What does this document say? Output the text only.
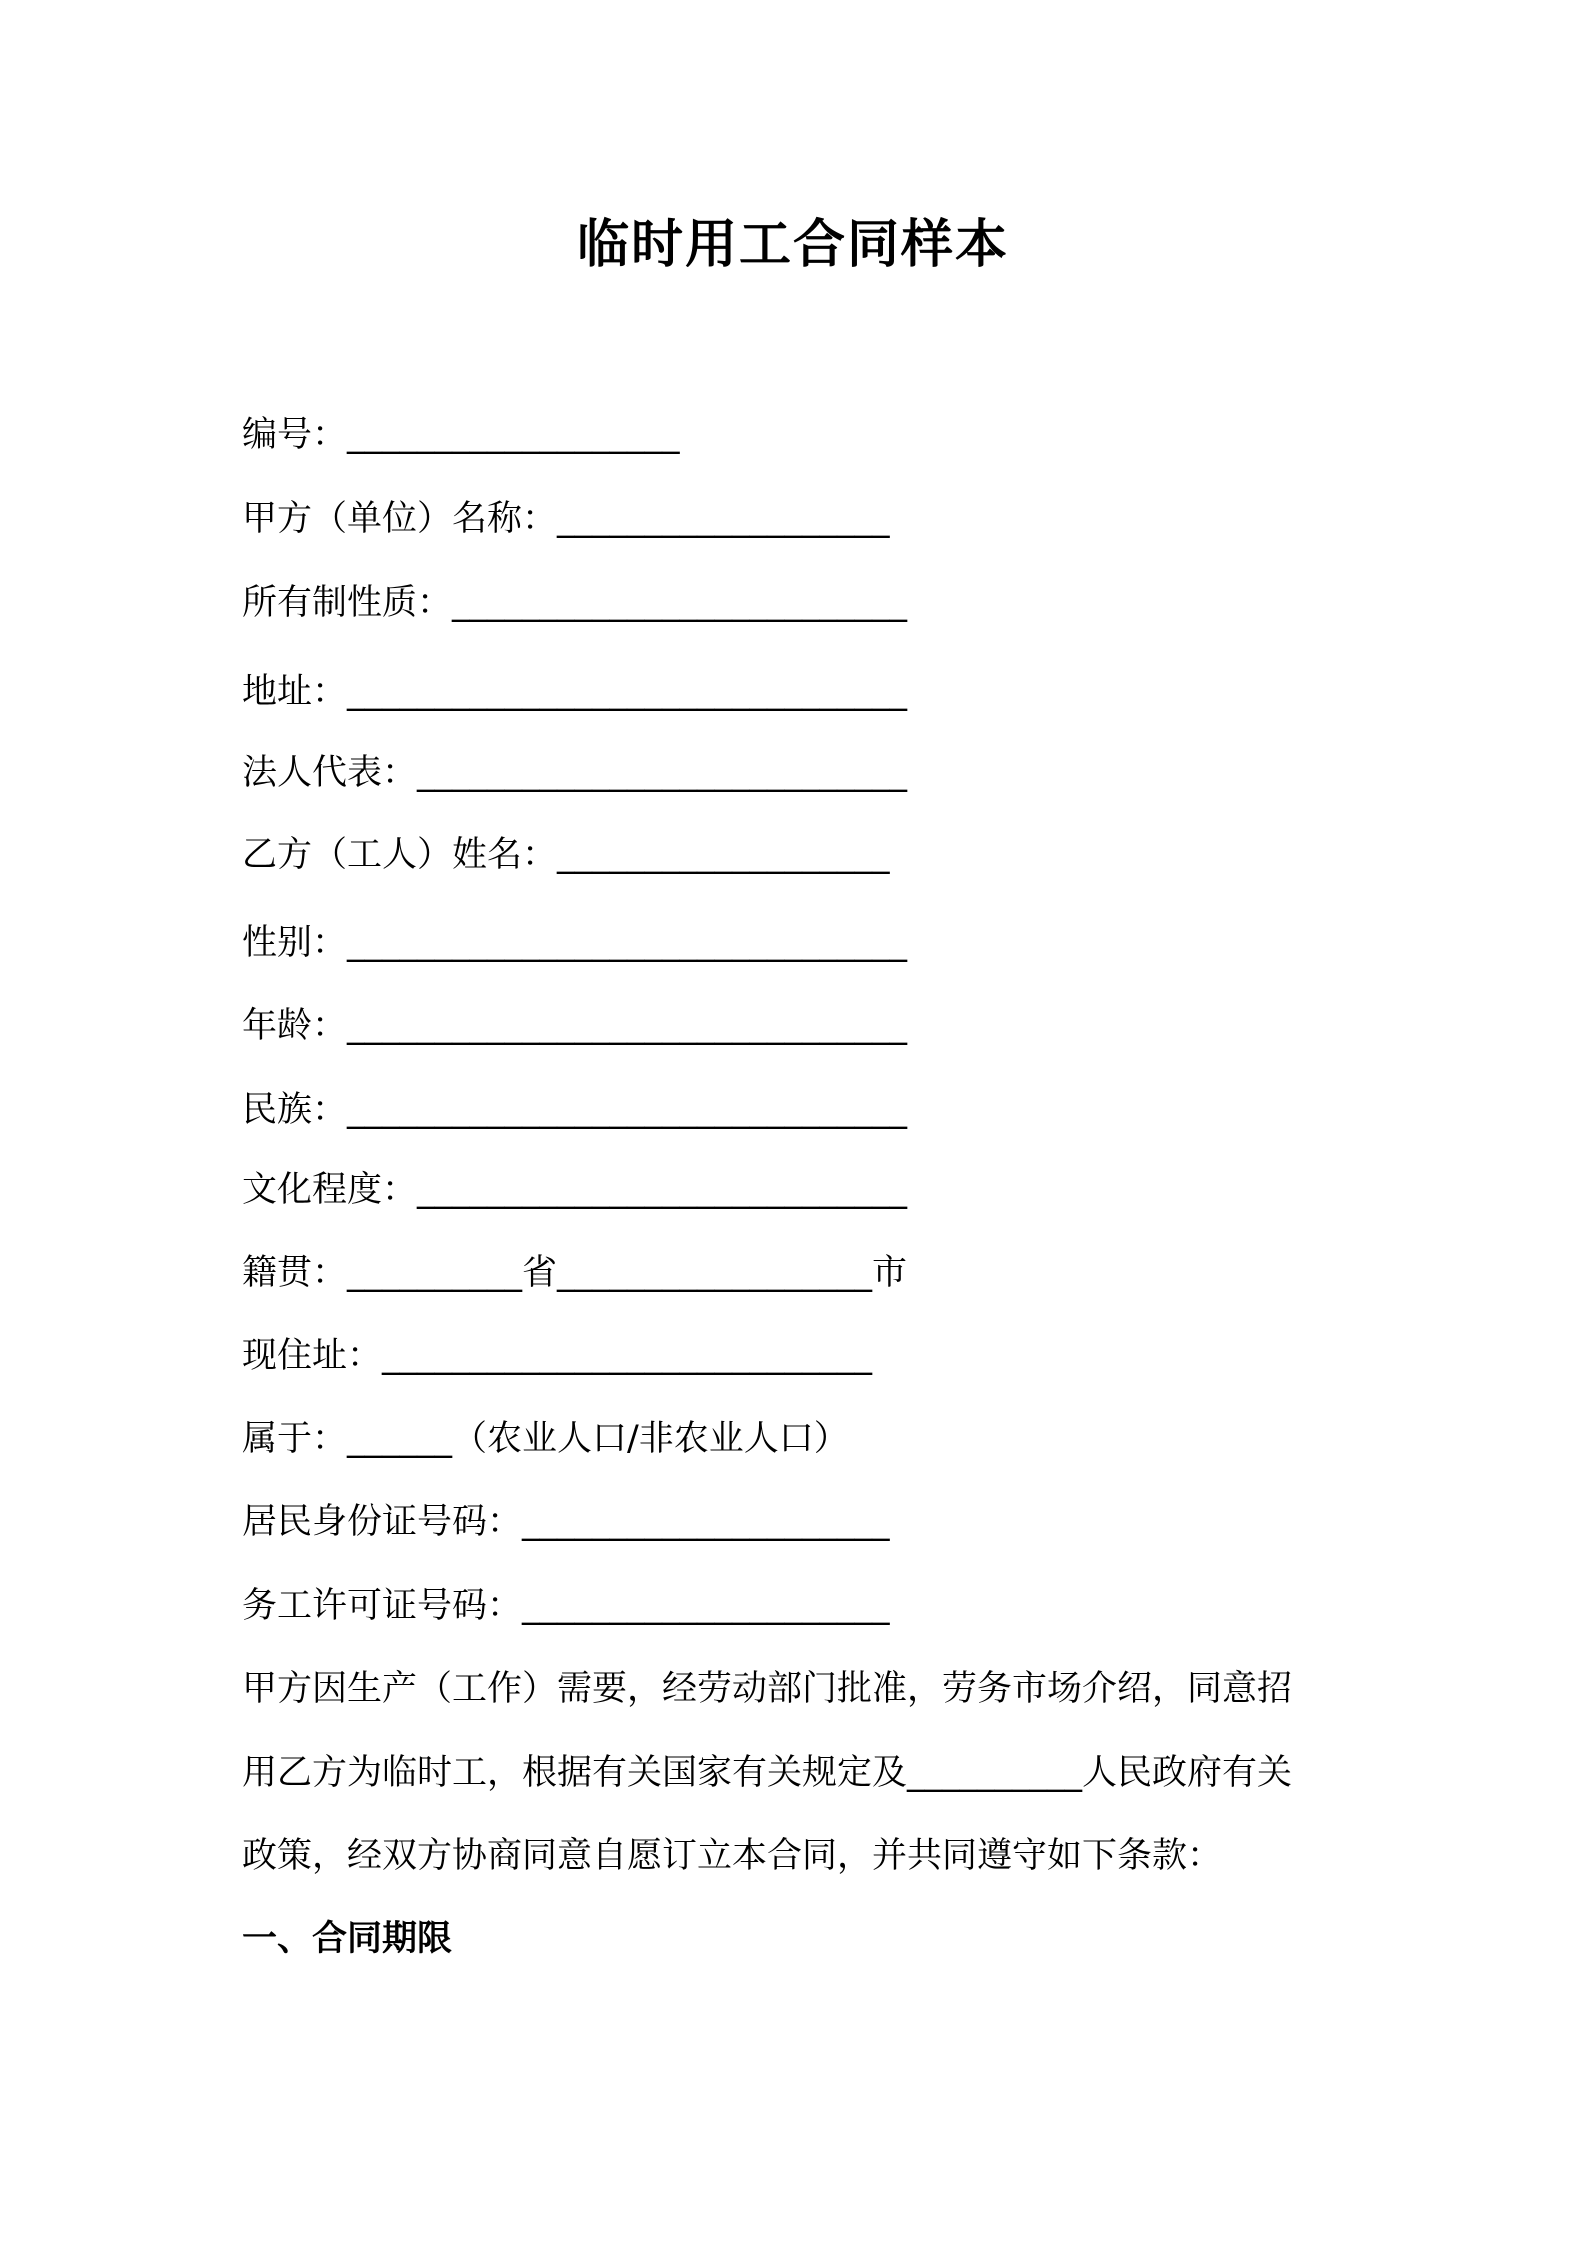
临时用工合同样本
编号：___________________
甲方（单位）名称：___________________
所有制性质：__________________________
地址：________________________________
法人代表：____________________________
乙方（工人）姓名：___________________
性别：________________________________
年龄：________________________________
民族：________________________________
文化程度：____________________________
籍贯：__________省__________________市
现住址：____________________________
属于：______（农业人口/非农业人口）
居民身份证号码：_____________________
务工许可证号码：_____________________
甲方因生产（工作）需要，经劳动部门批准，劳务市场介绍，同意招
用乙方为临时工，根据有关国家有关规定及__________人民政府有关
政策，经双方协商同意自愿订立本合同，并共同遵守如下条款：
一、合同期限
